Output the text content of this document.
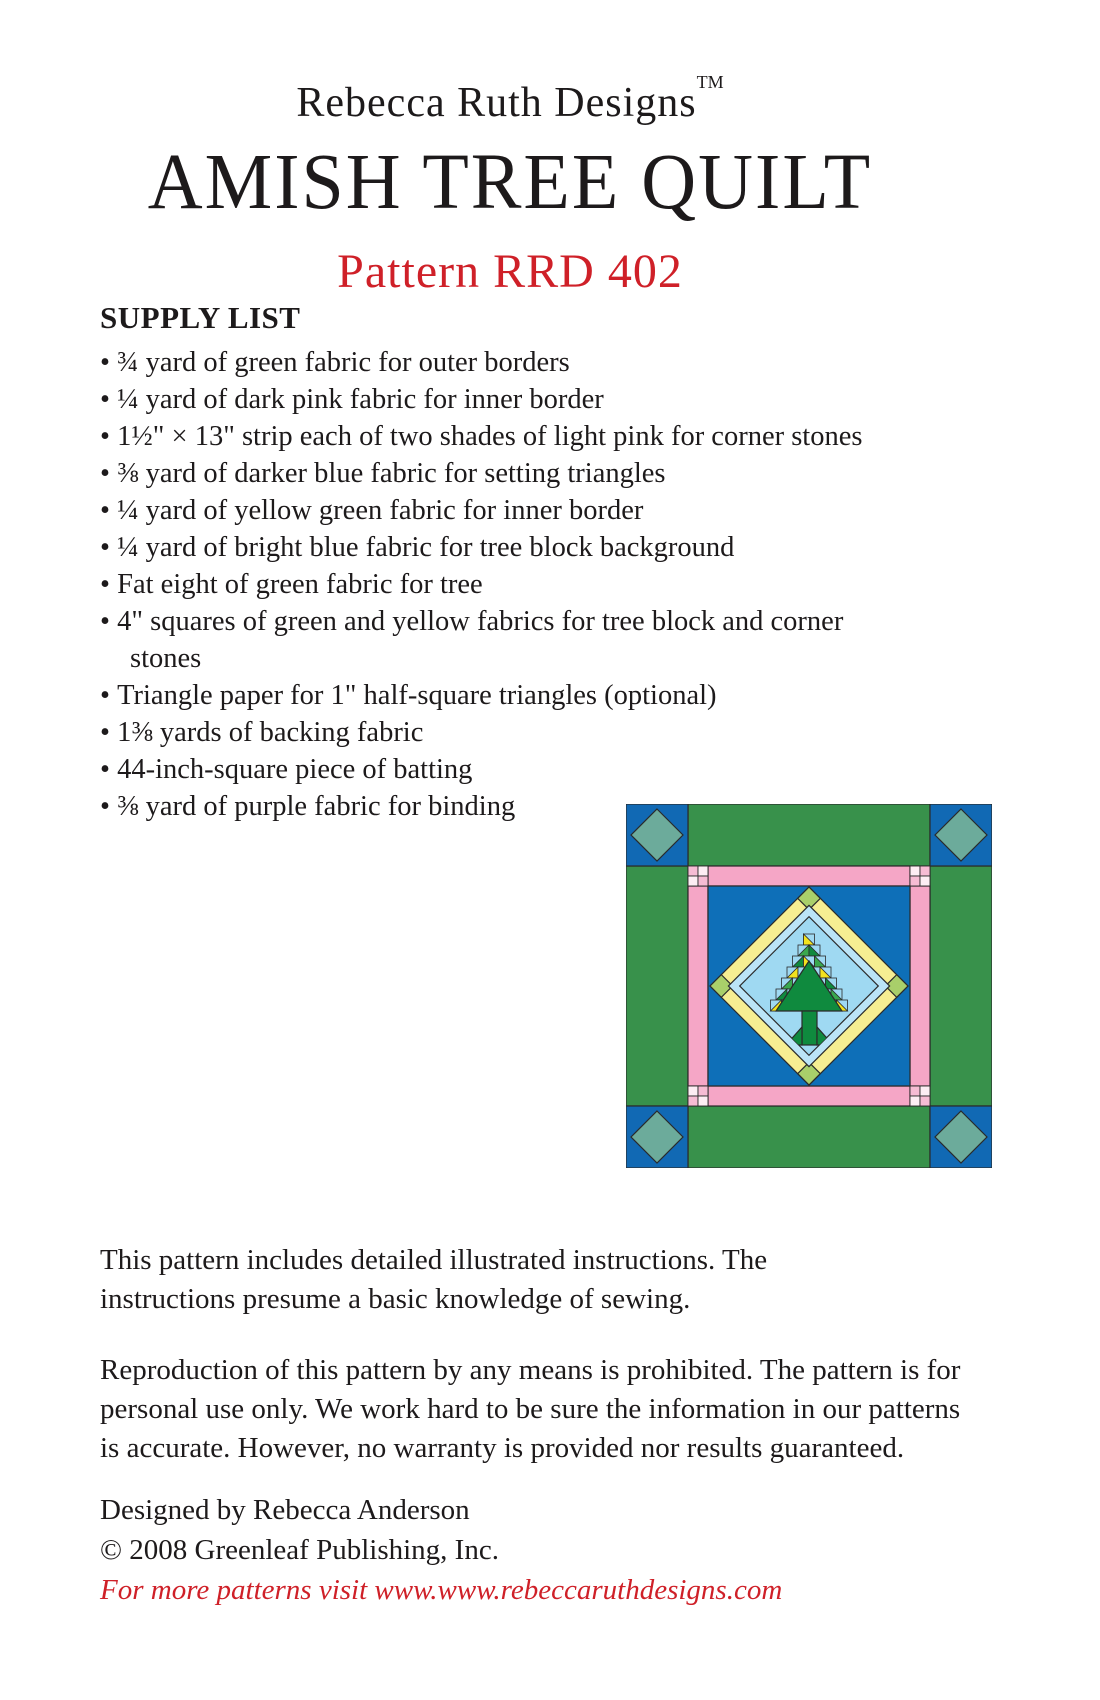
Rebecca Ruth Designs™
AMISH TREE QUILT
Pattern RRD 402
SUPPLY LIST
• ¾ yard of green fabric for outer borders
• ¼ yard of dark pink fabric for inner border
• 1½" × 13" strip each of two shades of light pink for corner stones
• ⅜ yard of darker blue fabric for setting triangles
• ¼ yard of yellow green fabric for inner border
• ¼ yard of bright blue fabric for tree block background
• Fat eight of green fabric for tree
• 4" squares of green and yellow fabrics for tree block and corner stones
• Triangle paper for 1" half-square triangles (optional)
• 1⅜ yards of backing fabric
• 44-inch-square piece of batting
• ⅜ yard of purple fabric for binding

This pattern includes detailed illustrated instructions. The instructions presume a basic knowledge of sewing.

Reproduction of this pattern by any means is prohibited. The pattern is for personal use only. We work hard to be sure the information in our patterns is accurate. However, no warranty is provided nor results guaranteed.

Designed by Rebecca Anderson
© 2008 Greenleaf Publishing, Inc.
For more patterns visit www.www.rebeccaruthdesigns.com
